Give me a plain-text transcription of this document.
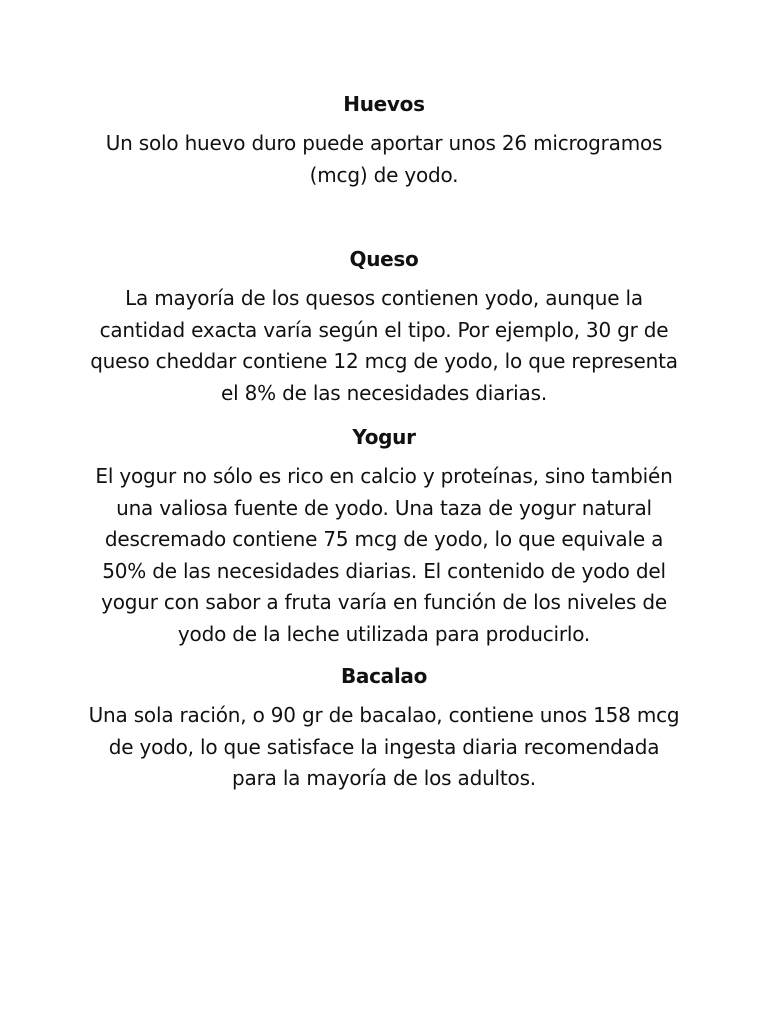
Huevos

Un solo huevo duro puede aportar unos 26 microgramos (mcg) de yodo.

Queso

La mayoría de los quesos contienen yodo, aunque la cantidad exacta varía según el tipo. Por ejemplo, 30 gr de queso cheddar contiene 12 mcg de yodo, lo que representa el 8% de las necesidades diarias.

Yogur

El yogur no sólo es rico en calcio y proteínas, sino también una valiosa fuente de yodo. Una taza de yogur natural descremado contiene 75 mcg de yodo, lo que equivale a 50% de las necesidades diarias. El contenido de yodo del yogur con sabor a fruta varía en función de los niveles de yodo de la leche utilizada para producirlo.

Bacalao

Una sola ración, o 90 gr de bacalao, contiene unos 158 mcg de yodo, lo que satisface la ingesta diaria recomendada para la mayoría de los adultos.
